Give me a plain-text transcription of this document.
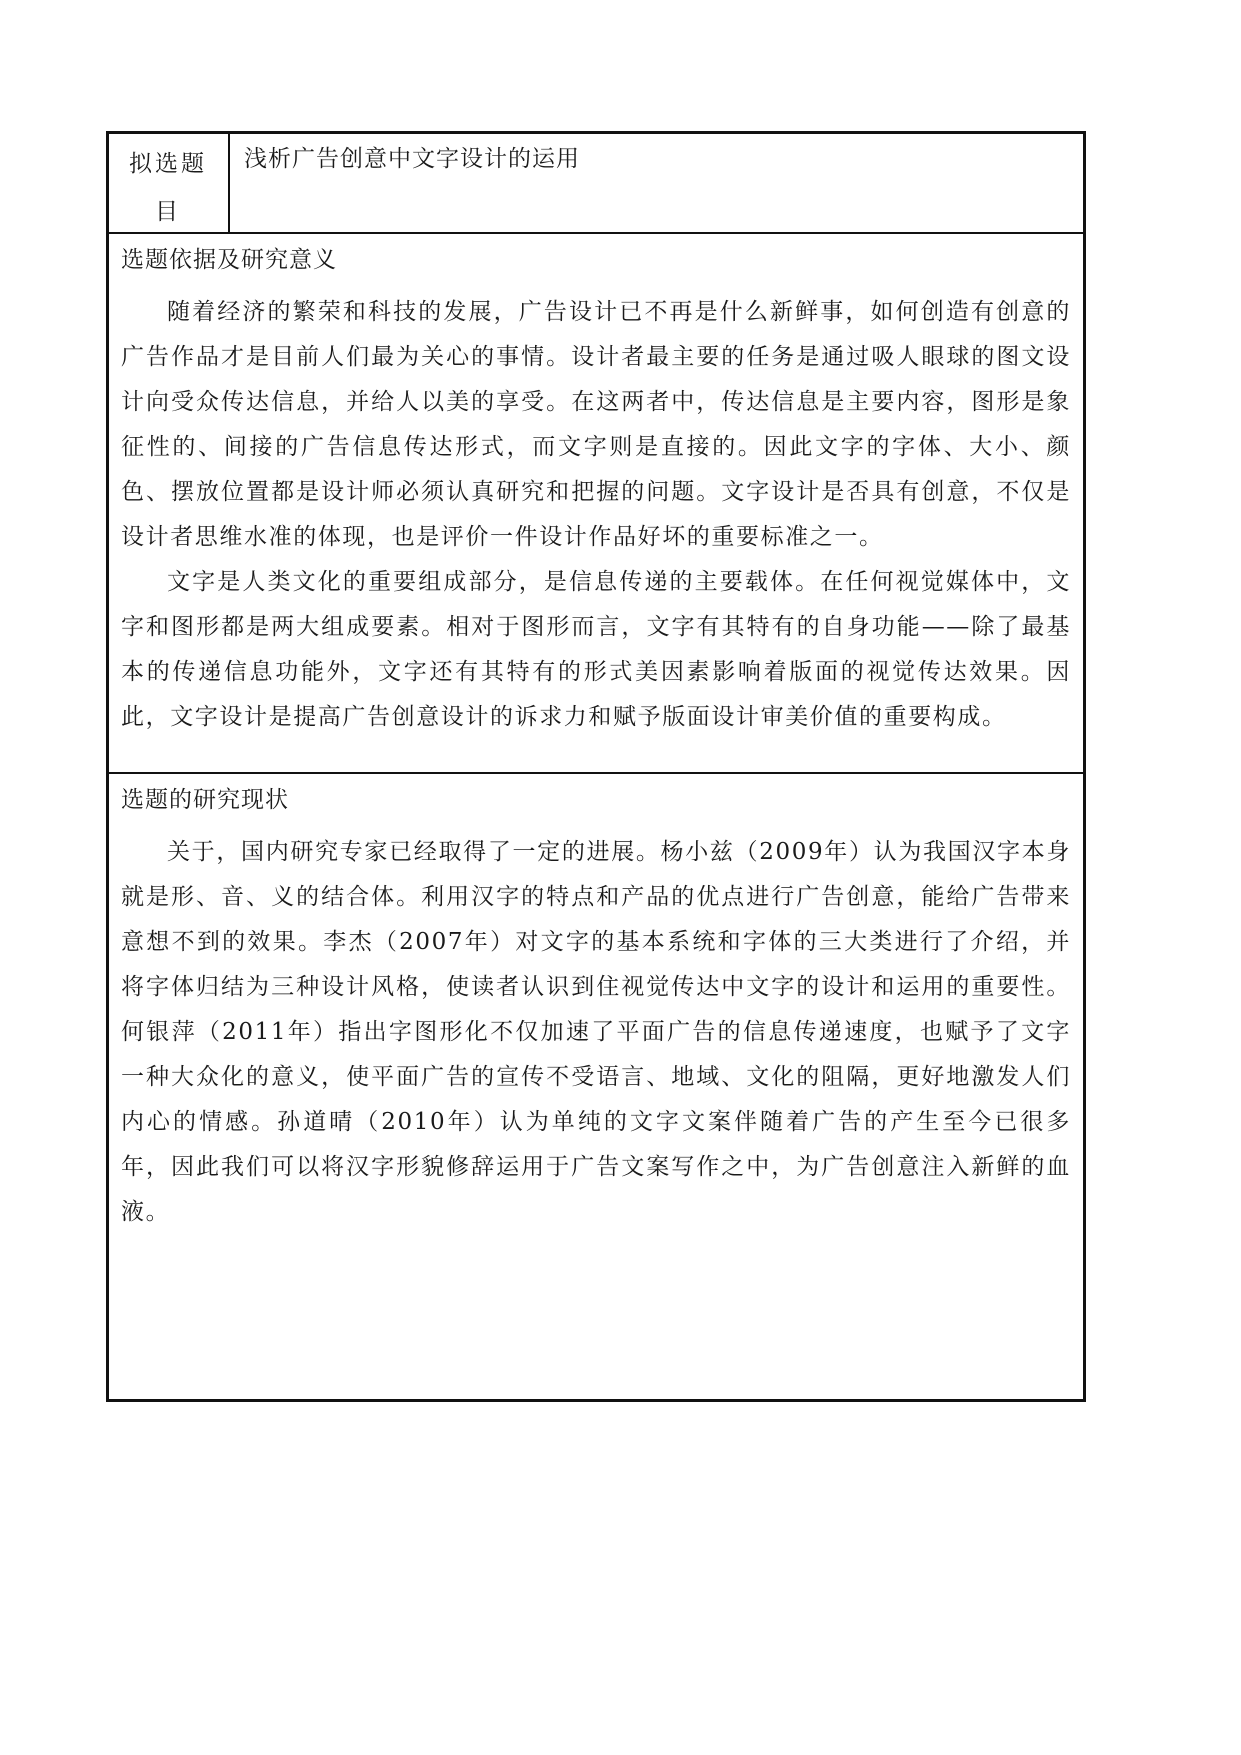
拟选题目
浅析广告创意中文字设计的运用
选题依据及研究意义

随着经济的繁荣和科技的发展，广告设计已不再是什么新鲜事，如何创造有创意的广告作品才是目前人们最为关心的事情。设计者最主要的任务是通过吸人眼球的图文设计向受众传达信息，并给人以美的享受。在这两者中，传达信息是主要内容，图形是象征性的、间接的广告信息传达形式，而文字则是直接的。因此文字的字体、大小、颜色、摆放位置都是设计师必须认真研究和把握的问题。文字设计是否具有创意，不仅是设计者思维水准的体现，也是评价一件设计作品好坏的重要标准之一。

文字是人类文化的重要组成部分，是信息传递的主要载体。在任何视觉媒体中，文字和图形都是两大组成要素。相对于图形而言，文字有其特有的自身功能——除了最基本的传递信息功能外，文字还有其特有的形式美因素影响着版面的视觉传达效果。因此，文字设计是提高广告创意设计的诉求力和赋予版面设计审美价值的重要构成。

选题的研究现状

关于，国内研究专家已经取得了一定的进展。杨小兹（2009年）认为我国汉字本身就是形、音、义的结合体。利用汉字的特点和产品的优点进行广告创意，能给广告带来意想不到的效果。李杰（2007年）对文字的基本系统和字体的三大类进行了介绍，并将字体归结为三种设计风格，使读者认识到住视觉传达中文字的设计和运用的重要性。何银萍（2011年）指出字图形化不仅加速了平面广告的信息传递速度，也赋予了文字一种大众化的意义，使平面广告的宣传不受语言、地域、文化的阻隔，更好地激发人们内心的情感。孙道晴（2010年）认为单纯的文字文案伴随着广告的产生至今已很多年，因此我们可以将汉字形貌修辞运用于广告文案写作之中，为广告创意注入新鲜的血液。
